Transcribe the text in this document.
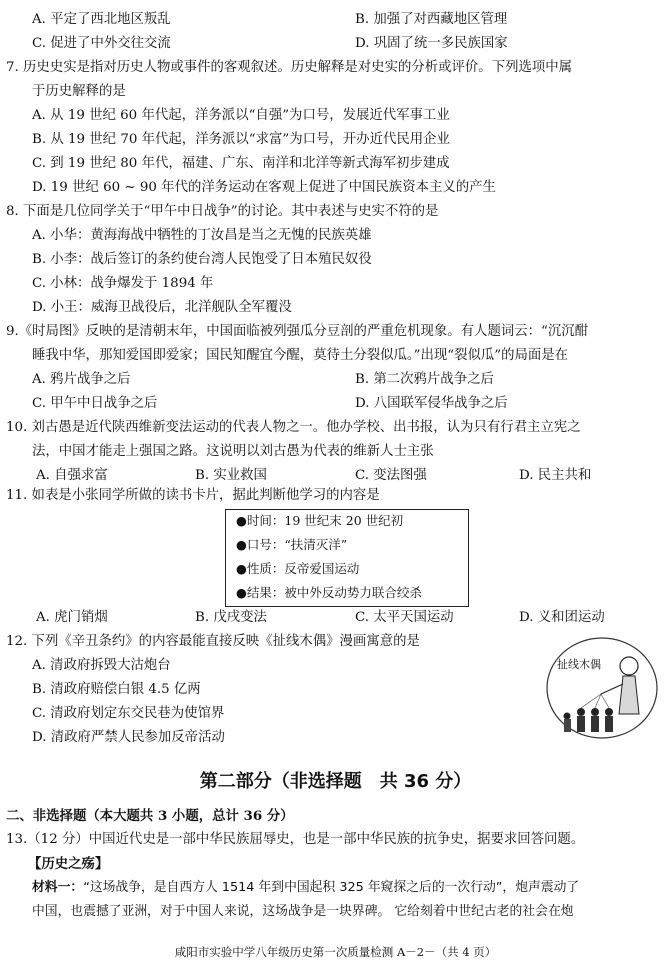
A. 平定了西北地区叛乱	B. 加强了对西藏地区管理
C. 促进了中外交往交流	D. 巩固了统一多民族国家
7. 历史史实是指对历史人物或事件的客观叙述。历史解释是对史实的分析或评价。下列选项中属
于历史解释的是
A. 从 19 世纪 60 年代起，洋务派以“自强”为口号，发展近代军事工业
B. 从 19 世纪 70 年代起，洋务派以“求富”为口号，开办近代民用企业
C. 到 19 世纪 80 年代，福建、广东、南洋和北洋等新式海军初步建成
D. 19 世纪 60 ~ 90 年代的洋务运动在客观上促进了中国民族资本主义的产生
8. 下面是几位同学关于“甲午中日战争”的讨论。其中表述与史实不符的是
A. 小华：黄海海战中牺牲的丁汝昌是当之无愧的民族英雄
B. 小李：战后签订的条约使台湾人民饱受了日本殖民奴役
C. 小林：战争爆发于 1894 年
D. 小王：威海卫战役后，北洋舰队全军覆没
9.《时局图》反映的是清朝末年，中国面临被列强瓜分豆剖的严重危机现象。有人题词云：“沉沉酣
睡我中华，那知爱国即爱家；国民知醒宜今醒，莫待土分裂似瓜。”出现“裂似瓜”的局面是在
A. 鸦片战争之后	B. 第二次鸦片战争之后
C. 甲午中日战争之后	D. 八国联军侵华战争之后
10. 刘古愚是近代陕西维新变法运动的代表人物之一。他办学校、出书报，认为只有行君主立宪之
法，中国才能走上强国之路。这说明以刘古愚为代表的维新人士主张
A. 自强求富	B. 实业救国	C. 变法图强	D. 民主共和
11. 如表是小张同学所做的读书卡片，据此判断他学习的内容是
●时间：19 世纪末 20 世纪初
●口号：“扶清灭洋”
●性质：反帝爱国运动
●结果：被中外反动势力联合绞杀
A. 虎门销烟	B. 戊戌变法	C. 太平天国运动	D. 义和团运动
12. 下列《辛丑条约》的内容最能直接反映《扯线木偶》漫画寓意的是
A. 清政府拆毁大沽炮台
B. 清政府赔偿白银 4.5 亿两
C. 清政府划定东交民巷为使馆界
D. 清政府严禁人民参加反帝活动
扯线木偶
第二部分（非选择题　共 36 分）
二、非选择题（本大题共 3 小题，总计 36 分）
13.（12 分）中国近代史是一部中华民族屈辱史，也是一部中华民族的抗争史，据要求回答问题。
【历史之殇】
材料一：“这场战争，是自西方人 1514 年到中国起积 325 年窥探之后的一次行动”，炮声震动了
中国，也震撼了亚洲，对于中国人来说，这场战争是一块界碑。 它给刻着中世纪古老的社会在炮
咸阳市实验中学八年级历史第一次质量检测 A－2－（共 4 页）
